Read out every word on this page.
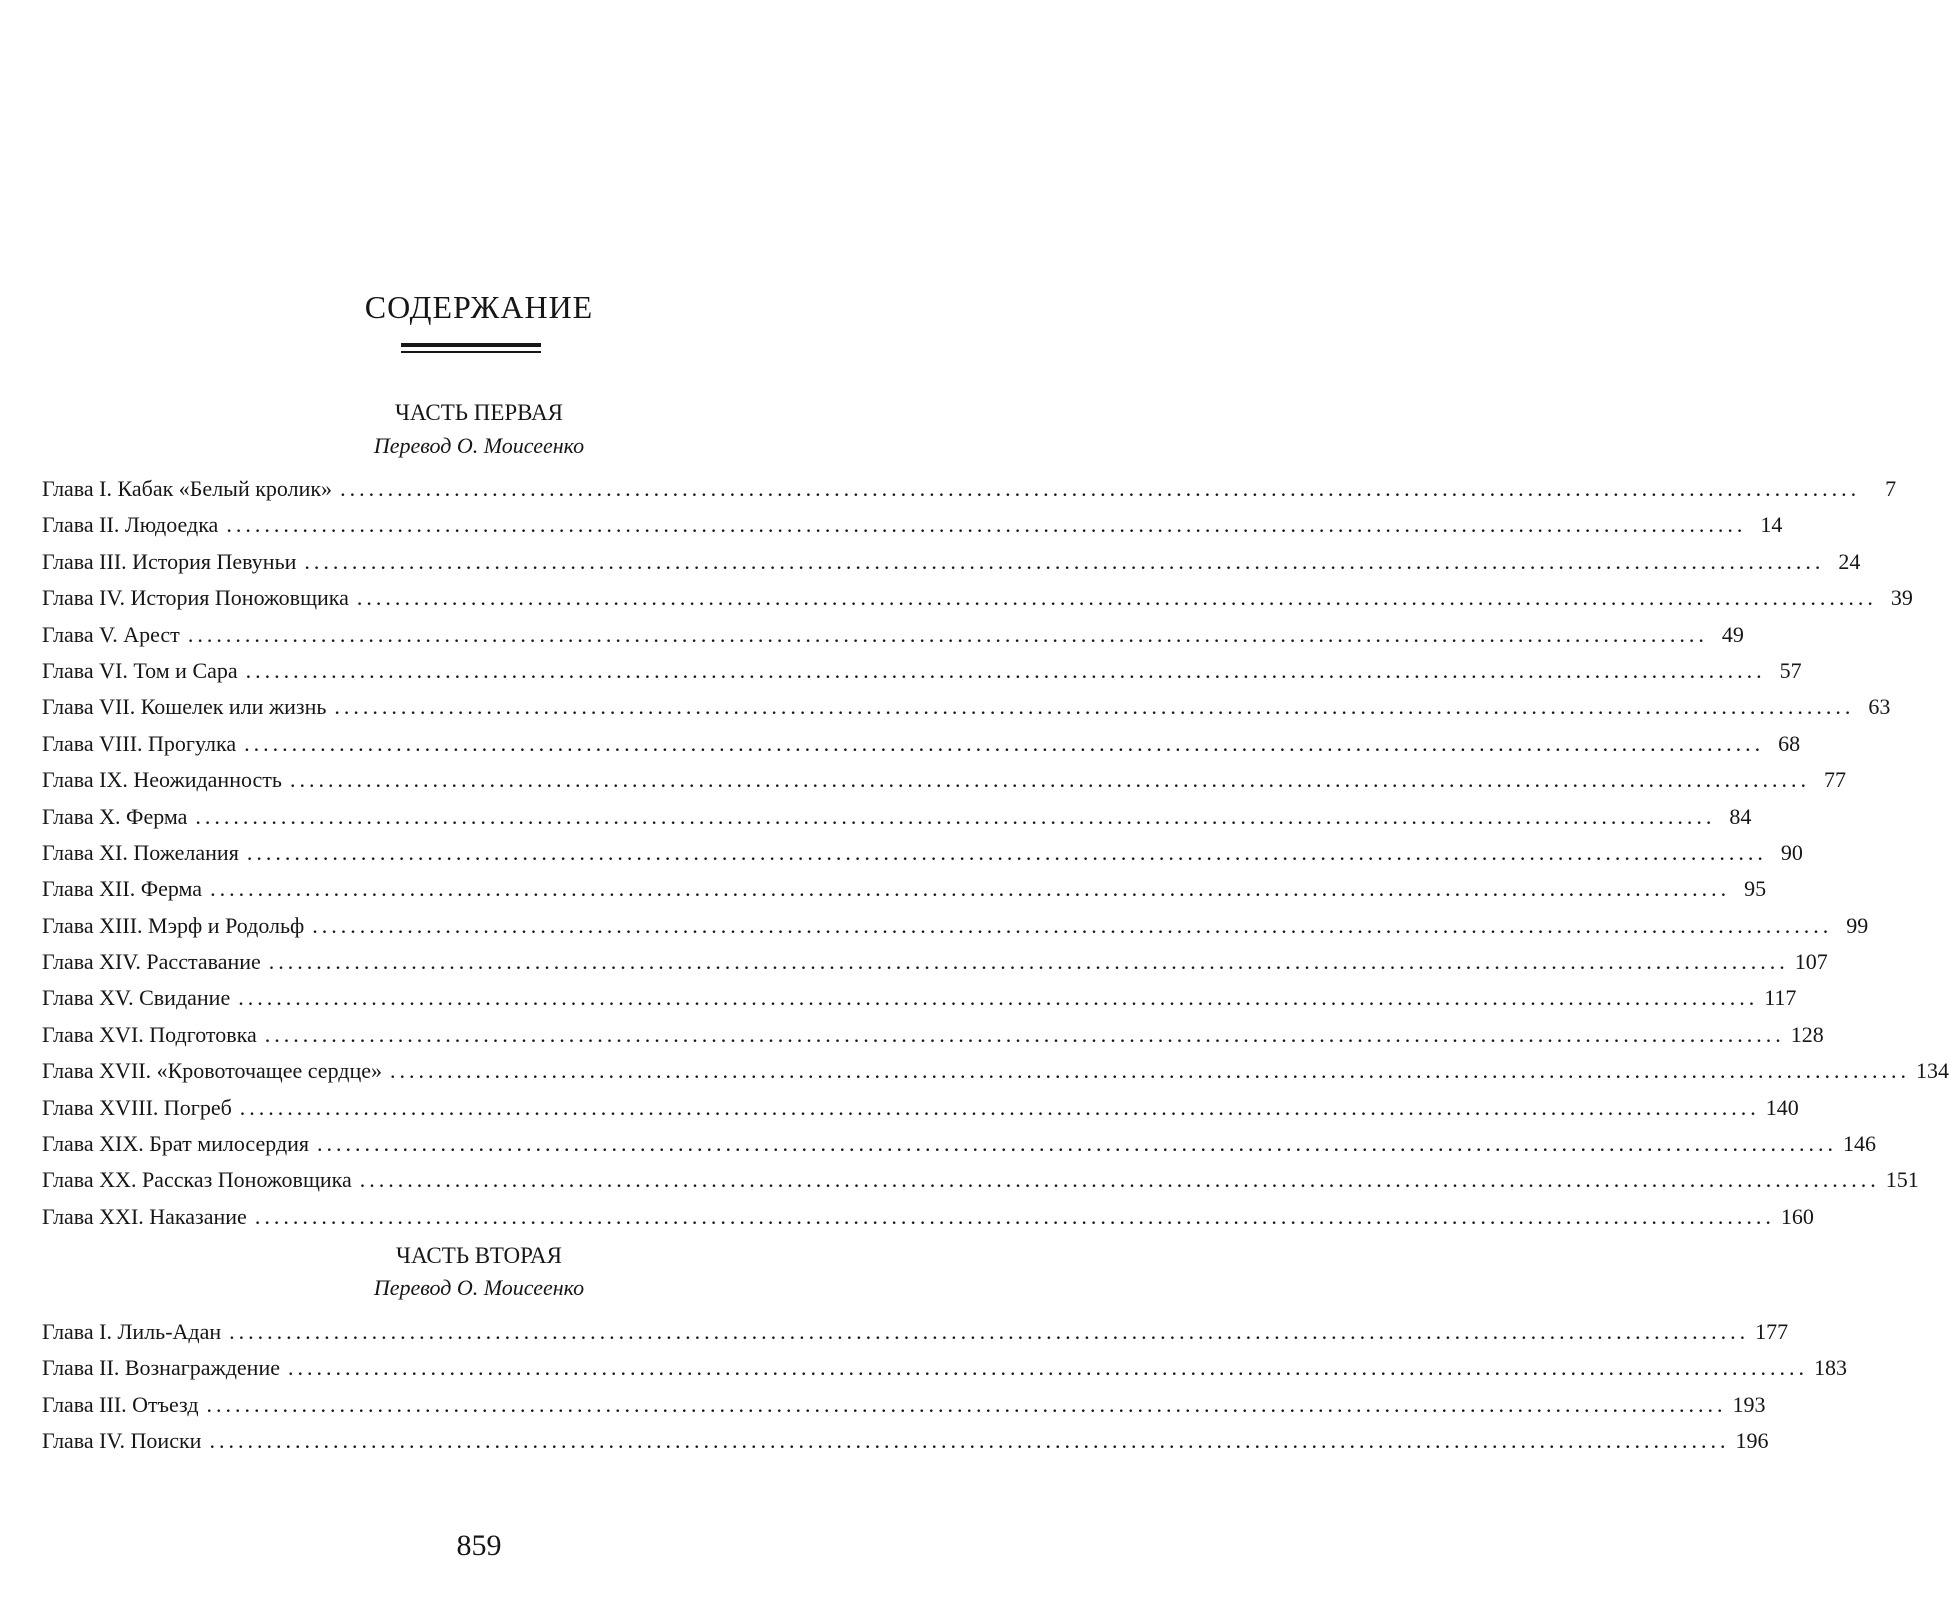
СОДЕРЖАНИЕ
ЧАСТЬ ПЕРВАЯ
Перевод О. Моисеенко
Глава I. Кабак «Белый кролик» ................................................................................................................................................................	7
Глава II. Людоедка ................................................................................................................................................................ 14
Глава III. История Певуньи ................................................................................................................................................................ 24
Глава IV. История Поножовщика ................................................................................................................................................................ 39
Глава V. Арест ................................................................................................................................................................ 49
Глава VI. Том и Сара ................................................................................................................................................................ 57
Глава VII. Кошелек или жизнь ................................................................................................................................................................ 63
Глава VIII. Прогулка ................................................................................................................................................................ 68
Глава IX. Неожиданность ................................................................................................................................................................ 77
Глава X. Ферма ................................................................................................................................................................ 84
Глава XI. Пожелания ................................................................................................................................................................ 90
Глава XII. Ферма ................................................................................................................................................................ 95
Глава XIII. Мэрф и Родольф ................................................................................................................................................................ 99
Глава XIV. Расставание ................................................................................................................................................................ 107
Глава XV. Свидание ................................................................................................................................................................ 117
Глава XVI. Подготовка ................................................................................................................................................................ 128
Глава XVII. «Кровоточащее сердце» ................................................................................................................................................................ 134
Глава XVIII. Погреб ................................................................................................................................................................ 140
Глава XIX. Брат милосердия ................................................................................................................................................................ 146
Глава XX. Рассказ Поножовщика ................................................................................................................................................................ 151
Глава XXI. Наказание ................................................................................................................................................................ 160
ЧАСТЬ ВТОРАЯ
Перевод О. Моисеенко
Глава I. Лиль-Адан ................................................................................................................................................................ 177
Глава II. Вознаграждение ................................................................................................................................................................ 183
Глава III. Отъезд ................................................................................................................................................................ 193
Глава IV. Поиски ................................................................................................................................................................ 196
859
